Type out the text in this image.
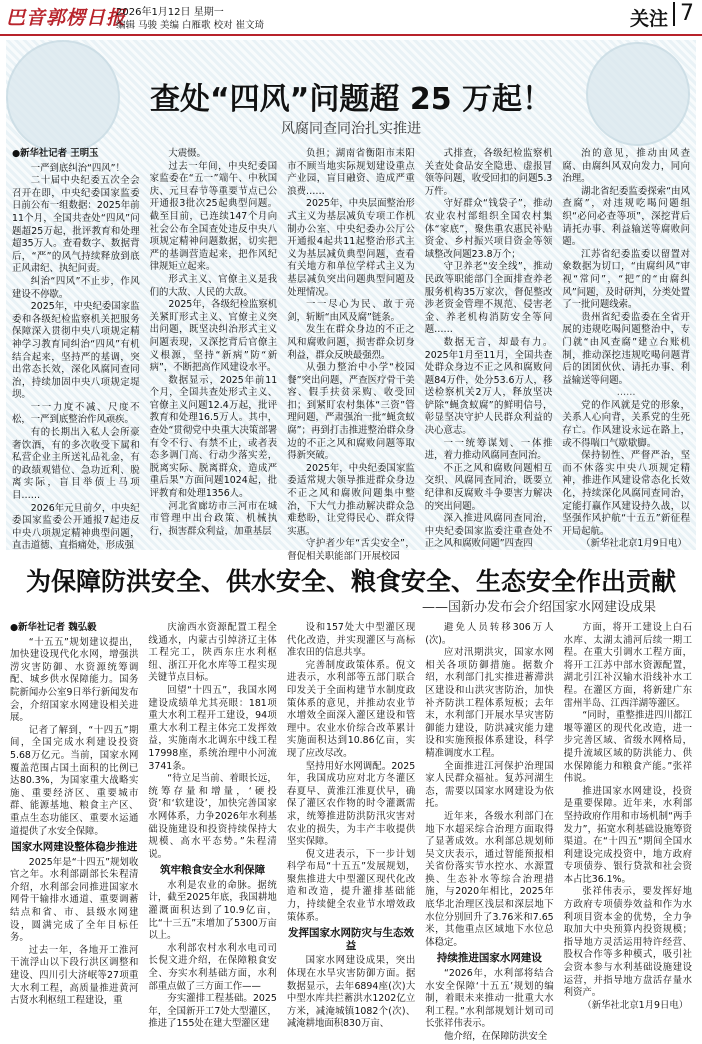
巴音郭楞日报
2026年1月12日 星期一
编辑 马骏 美编 白雁歌 校对 崔文琦	关注 7
查处“四风”问题超 25 万起！
风腐同查同治扎实推进

●新华社记者 王明玉

一严到底纠治“四风”！

二十届中央纪委五次全会召开在即，中央纪委国家监委日前公布一组数据：2025年前11个月，全国共查处“四风”问题超25万起，批评教育和处理超35万人。查看数字、数据背后，“严”的风气持续释放到底正风肃纪、执纪问责。

纠治“四风”不止步，作风建设不停歇。

2025年，中央纪委国家监委和各级纪检监察机关把服务保障深入贯彻中央八项规定精神学习教育同纠治“四风”有机结合起来，坚持严的基调，突出常态长效，深化风腐同查同治，持续加固中央八项规定堤坝。

一一力度不减、尺度不松，一严到底整治作风顽疾。

有的长期出入私人会所豪奢饮酒，有的多次收受下属和私营企业主所送礼品礼金，有的政绩观错位、急功近利、脱离实际，盲目举债上马项目……

2026年元旦前夕，中央纪委国家监委公开通报7起违反中央八项规定精神典型问题，直击道德、直指痛处，形成强

大震慑。

过去一年间，中央纪委国家监委在“五一”端午、中秋国庆、元旦春节等重要节点已公开通报3批次25起典型问题。截至目前，已连续147个月向社会公布全国查处违反中央八项规定精神问题数据，切实把严的基调营造起来，把作风纪律规矩立起来。

形式主义、官僚主义是我们的大敌、人民的大敌。

2025年，各级纪检监察机关紧盯形式主义、官僚主义突出问题，既坚决纠治形式主义问题表现，又深挖背后官僚主义根源，坚持“新病”防“新病”，不断把高作风建设水平。

数据显示，2025年前11个月，全国共查处形式主义、官僚主义问题12.4万起，批评教育和处理16.5万人。其中，查处“贯彻党中央重大决策部署有令不行、有禁不止，或者表态多调门高、行动少落实差，脱离实际、脱离群众，造成严重后果”方面问题1024起，批评教育和处理1356人。

河北省廊坊市三河市在城市管理中出台政策、机械执行，损害群众利益，加重基层

负担；湖南省衡阳市耒阳市不顾当地实际规划建设重点产业园，盲目融资、造成严重浪费……

2025年，中央层面整治形式主义为基层减负专项工作机制办公室、中央纪委办公厅公开通报4起共11起整治形式主义为基层减负典型问题，查看有关地方和单位学样式主义为基层减负突出问题典型问题及处理情况。

一一尽心为民、敢于亮剑，斩断“由风及腐”链条。

发生在群众身边的不正之风和腐败问题，损害群众切身利益，群众反映最强烈。

从强力整治中小学“校园餐”突出问题，严查医疗骨干美容、假手扶贫采购、收受回扣；到紧盯农村集体“三资”管理问题，严肃强治一批“蝇贪蚁腐”；再到打击推进整治群众身边的不正之风和腐败问题等取得新突破。

2025年，中央纪委国家监委适常规大领导推进群众身边不正之风和腐败问题集中整治，下大气力推动解决群众急难愁盼，让党得民心、群众得实惠。

守护者少年“舌尖安全”，督促相关职能部门开展校园

式排查，各级纪检监察机关查处食品安全隐患、虚报冒领等问题，收受回扣的问题5.3万件。

守好群众“钱袋子”，推动农业农村部组织全国农村集体“家底”，聚焦重农惠民补贴资金、乡村振兴项目资金等领域整改问题23.8万个；

守卫养老“安全线”，推动民政等职能部门全面排查养老服务机构35万家次，督促整改涉老资金管理不规范、侵害老金、养老机构消防安全等问题……

数据无言，却最有力。2025年1月至11月，全国共查处群众身边不正之风和腐败问题84万件，处分53.6万人，移送检察机关2万人，释放坚决铲除“蝇贪蚁腐”的鲜明信号，彰显坚决守护人民群众利益的决心意志。

一一统筹谋划、一体推进，着力推动风腐同查同治。

不正之风和腐败问题相互交织、风腐同查同治，既要立纪律和反腐败斗争要害力解决的突出问题。

深入推进风腐同查同治，中央纪委国家监委注重查处不正之风和腐败问题”四查四

治的意见，推动由风查腐、由腐纠风双向发力，同向治理。

湖北省纪委监委探索“由风查腐”，对违规吃喝问题组织“必问必查等项”，深挖背后请托办事、利益输送等腐败问题。

江苏省纪委监委以留置对象数据为切口，“由腐纠风”审视“常问”，“把”的“由腐纠风”问题，及时研判，分类处置了一批问题线索。

贵州省纪委监委在全省开展的违规吃喝问题整治中，专门就“由风查腐”建立台账机制，推动深挖违规吃喝问题背后的团团伙伙、请托办事、利益输送等问题。

……

党的作风就是党的形象，关系人心向背，关系党的生死存亡。作风建设永远在路上，或不得喘口气歇歇脚。

保持韧性、严督严治，坚而不休落实中央八项规定精神，推进作风建设常态化长效化，持续深化风腐同查同治，定能打赢作风建设持久战，以坚强作风护航“十五五”新征程开局起航。

（新华社北京1月9日电）

为保障防洪安全、供水安全、粮食安全、生态安全作出贡献
——国新办发布会介绍国家水网建设成果

●新华社记者 魏弘毅

“十五五”规划建议提出，加快建设现代化水网，增强洪涝灾害防御、水资源统筹调配、城乡供水保障能力。国务院新闻办公室9日举行新闻发布会，介绍国家水网建设相关进展。

记者了解到，“十四五”期间，全国完成水利建设投资5.68万亿元。当前，国家水网覆盖范围占国土面积的比例已达80.3%，为国家重大战略实施、重要经济区、重要城市群、能源基地、粮食主产区、重点生态功能区、重要水运通道提供了水安全保障。

国家水网建设整体稳步推进

2025年是“十四五”规划收官之年。水利部副部长朱程清介绍，水利部会同推进国家水网骨干输排水通道、重要调蓄结点和省、市、县级水网建设，圆满完成了全年目标任务。

过去一年，各地开工淮河干流浮山以下段行洪区调整和建设、四川引大济岷等27项重大水利工程，高质量推进黄河古贤水利枢纽工程建设，重

庆渝西水资源配置工程全线通水，内蒙古引绰济辽主体工程完工，陕西东庄水利枢纽、浙江开化水库等工程实现关键节点目标。

回望“十四五”，我国水网建设成绩单尤其亮眼：181项重大水利工程开工建设，94项重大水利工程主体完工发挥效益，实施南水北调东中线工程17998座，系统治理中小河流3741条。

“待立足当前、着眼长远，统筹存量和增量，‘硬投资’和‘软建设’，加快完善国家水网体系，力争2026年水利基础设施建设和投资持续保持大规模、高水平态势。”朱程清说。

筑牢粮食安全水利保障

水利是农业的命脉。据统计，截至2025年底，我国耕地灌溉面积达到了10.9亿亩，比“十三五”末增加了5300万亩以上。

水利部农村水利水电司司长倪文进介绍，在保障粮食安全、夯实水利基础方面，水利部重点做了三方面工作——

夯实灌排工程基础。2025年，全国新开工7处大型灌区，推进了155处在建大型灌区建

设和157处大中型灌区现代化改造，并实现灌区与高标准农田的信息共享。

完善制度政策体系。倪文进表示，水利部等五部门联合印发关于全面构建节水制度政策体系的意见，并推动农业节水增效全面深入灌区建设和管理中。农业水价综合改革累计实施面积达到10.86亿亩，实现了应改尽改。

坚持用好水网调配。2025年，我国成功应对北方冬灌区春夏早、黄淮江淮夏伏早，确保了灌区农作物的时令灌溉需求，统筹推进防洪防汛灾害对农业的损失，为丰产丰收提供坚实保障。

倪文进表示，下一步计划科学布局“十五五”发展规划，聚焦推进大中型灌区现代化改造和改造，提升灌排基础能力，持续健全农业节水增效政策体系。

发挥国家水网防灾与生态效益

国家水网建设成果，突出体现在水旱灾害防御方面。据数据显示，去年6894座(次)大中型水库共拦蓄洪水1202亿立方米，减淹城镇1082个(次)、减淹耕地面积830万亩、

避免人员转移306万人(次)。

应对汛期洪灾，国家水网相关各项防御措施。据数介绍，水利部门扎实推进蓄滞洪区建设和山洪灾害防治，加快补齐防洪工程体系短板；去年末，水利部门开展水旱灾害防御能力建设，防洪减灾能力建设和实施预报体系建设，科学精准调度水工程。

全面推进江河保护治理国家人民群众福祉。复苏河湖生态，需要以国家水网建设为依托。

近年来，各级水利部门在地下水超采综合治理方面取得了显著成效。水利部总规划师吴文庆表示，通过智能预报相关省份落实节水控水、水源置换、生态补水等综合治理措施，与2020年相比，2025年底华北治理区浅层和深层地下水位分别回升了3.76米和7.65米，其他重点区域地下水位总体稳定。

持续推进国家水网建设

“2026年，水利部将结合水安全保障‘十五五’规划的编制，着眼未来推动一批重大水利工程。”水利部规划计划司司长张祥伟表示。

他介绍，在保障防洪安全

方面，将开工建设上白石水库、太湖太浦河后续一期工程。在重大引调水工程方面，将开工江苏中部水资源配置，湖北引江补汉输水沿线补水工程。在灌区方面，将新建广东雷州半岛、江西洋湖等灌区。

“同时，重整推进四川都江堰等灌区的现代化改造，进一步完善区域、省级水网格局，提升流域区域的防洪能力、供水保障能力和粮食产能。”张祥伟说。

推进国家水网建设，投资是重要保障。近年来，水利部坚持政府作用和市场机制“两手发力”，拓宽水利基础设施筹资渠道。在“十四五”期间全国水利建设完成投资中，地方政府专项债券、银行贷款和社会资本占比36.1%。

张祥伟表示，要发挥好地方政府专项债券效益和作为水利项目资本金的优势，全力争取加大中央预算内投资规模；指导地方灵活运用特许经营、股权合作等多种模式，吸引社会资本参与水利基础设施建设运营，并指导地方盘活存量水利资产。

（新华社北京1月9日电）
